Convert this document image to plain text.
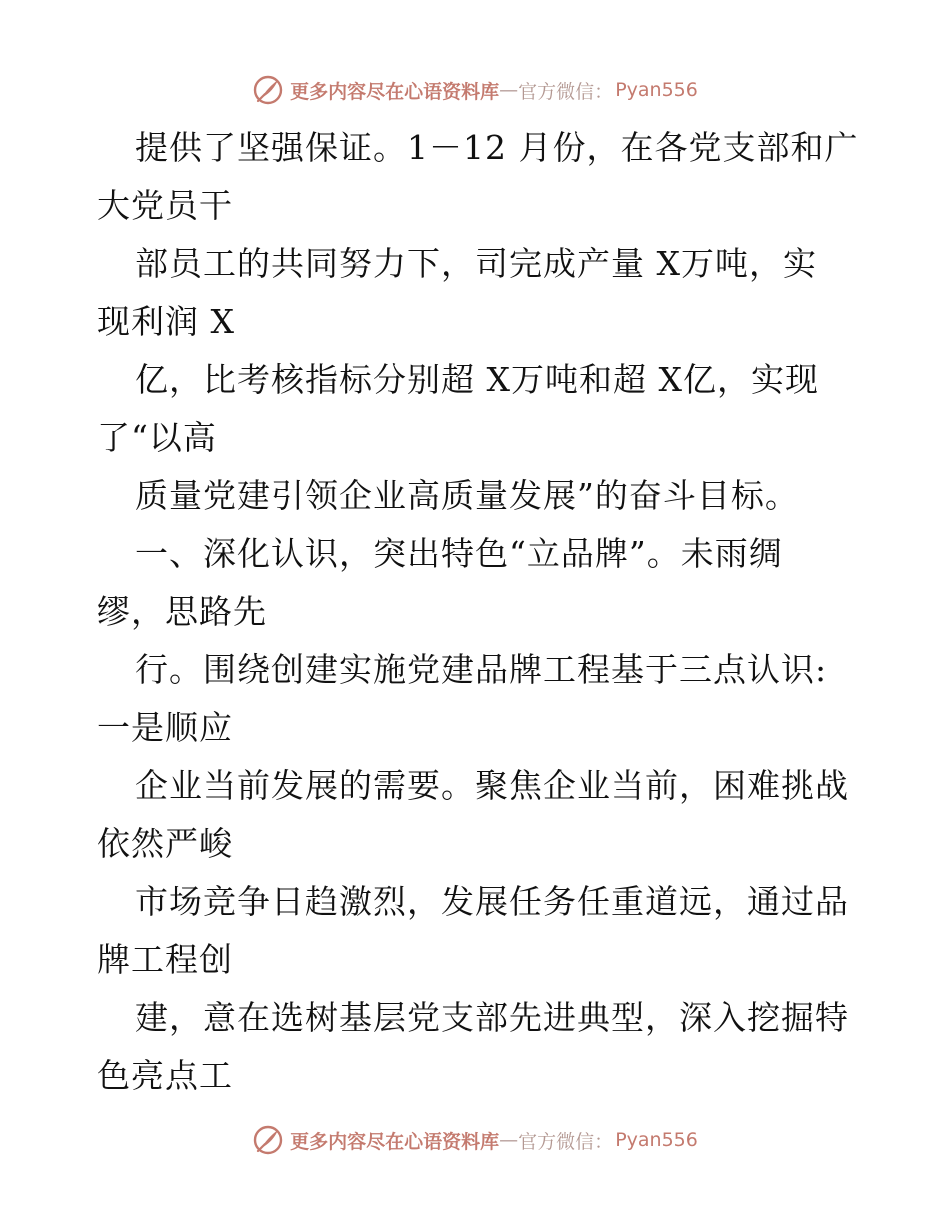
更多内容尽在心语资料库 — 官方微信： Pyan556
提供了坚强保证。1－12 月份，在各党支部和广
大党员干
部员工的共同努力下，司完成产量 X万吨，实
现利润 X
亿，比考核指标分别超 X万吨和超 X亿，实现
了“以高
质量党建引领企业高质量发展”的奋斗目标。
一、深化认识，突出特色“立品牌”。未雨绸
缪，思路先
行。围绕创建实施党建品牌工程基于三点认识:
一是顺应
企业当前发展的需要。聚焦企业当前，困难挑战
依然严峻
市场竞争日趋激烈，发展任务任重道远，通过品
牌工程创
建，意在选树基层党支部先进典型，深入挖掘特
色亮点工
更多内容尽在心语资料库 — 官方微信： Pyan556
